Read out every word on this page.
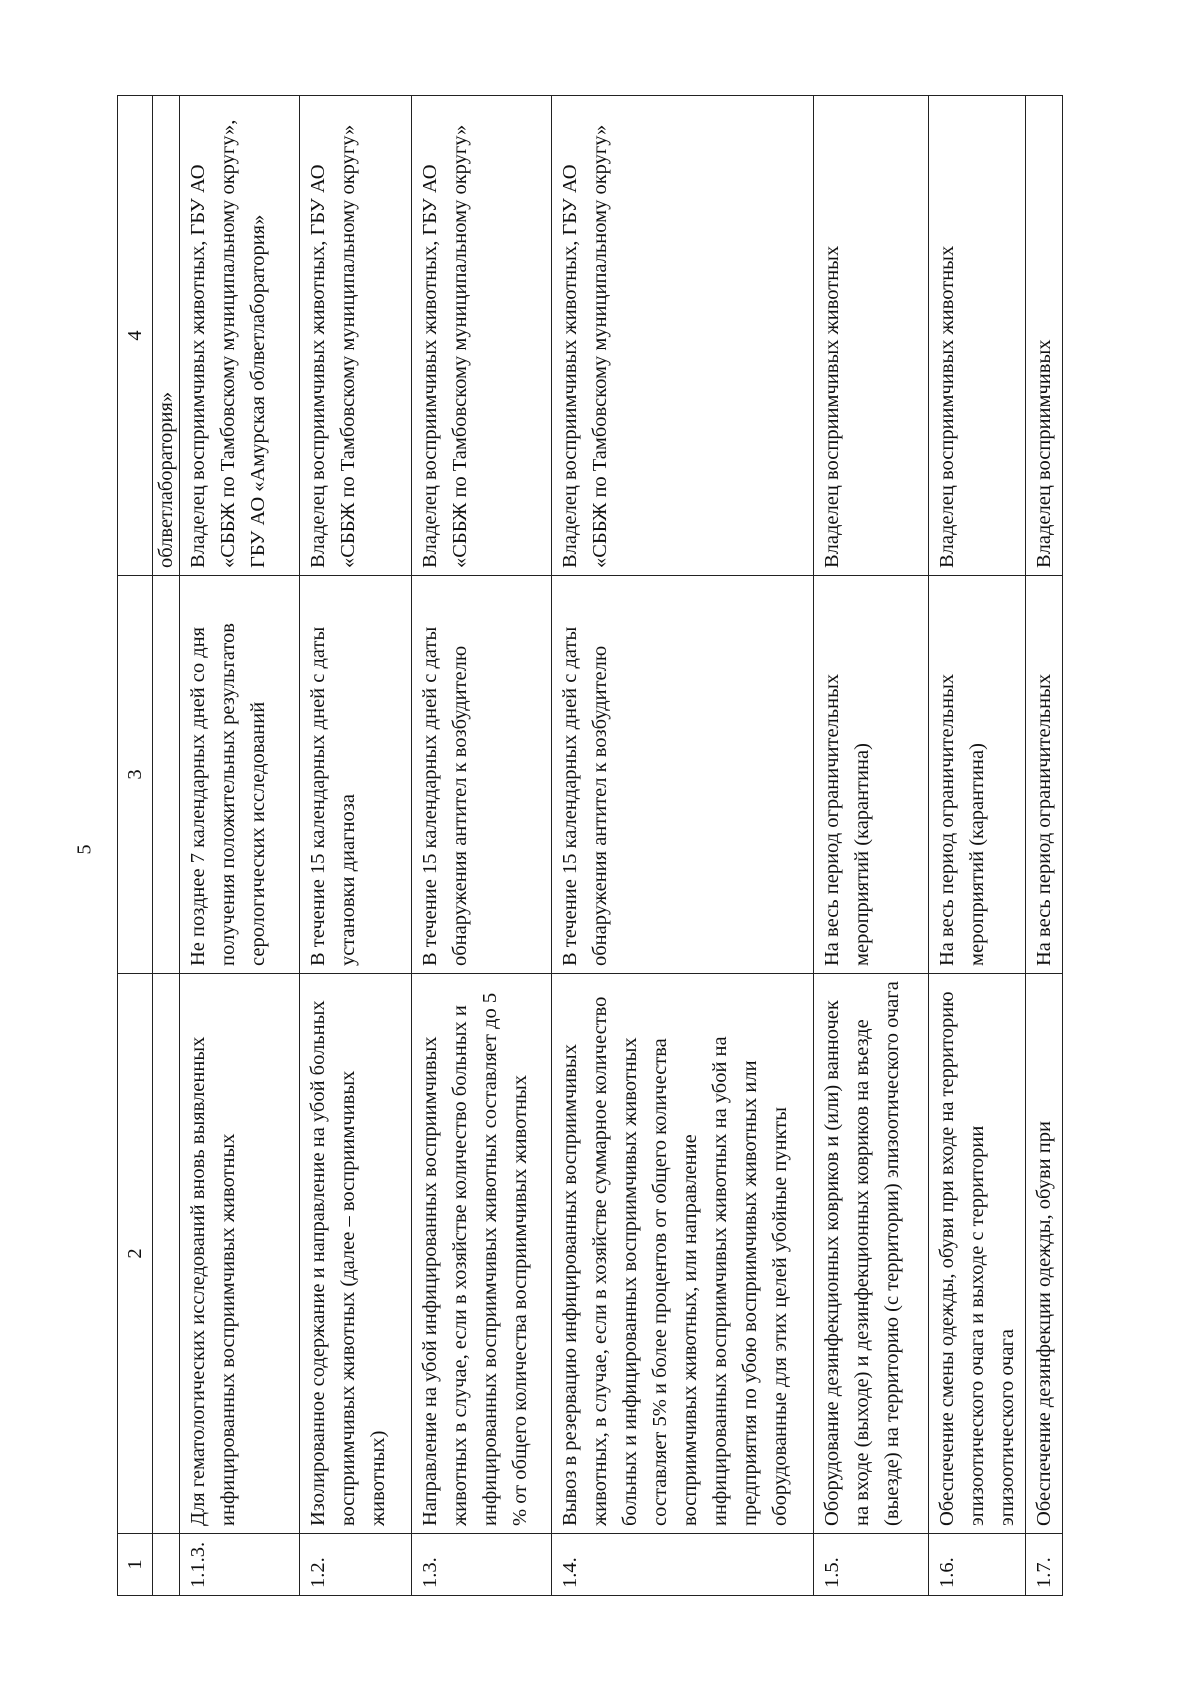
5
1	2	3	4
			облветлаборатория»
1.1.3.	Для гематологических исследований вновь выявленных инфицированных восприимчивых животных	Не позднее 7 календарных дней со дня получения положительных результатов серологических исследований	Владелец восприимчивых животных, ГБУ АО «СББЖ по Тамбовскому муниципальному округу», ГБУ АО «Амурская облветлаборатория»
1.2.	Изолированное содержание и направление на убой больных восприимчивых животных (далее – восприимчивых животных)	В течение 15 календарных дней с даты установки диагноза	Владелец восприимчивых животных, ГБУ АО «СББЖ по Тамбовскому муниципальному округу»
1.3.	Направление на убой инфицированных восприимчивых животных в случае, если в хозяйстве количество больных и инфицированных восприимчивых животных составляет до 5 % от общего количества восприимчивых животных	В течение 15 календарных дней с даты обнаружения антител к возбудителю	Владелец восприимчивых животных, ГБУ АО «СББЖ по Тамбовскому муниципальному округу»
1.4.	Вывоз в резервацию инфицированных восприимчивых животных, в случае, если в хозяйстве суммарное количество больных и инфицированных восприимчивых животных составляет 5% и более процентов от общего количества восприимчивых животных, или направление инфицированных восприимчивых животных на убой на предприятия по убою восприимчивых животных или оборудованные для этих целей убойные пункты	В течение 15 календарных дней с даты обнаружения антител к возбудителю	Владелец восприимчивых животных, ГБУ АО «СББЖ по Тамбовскому муниципальному округу»
1.5.	Оборудование дезинфекционных ковриков и (или) ванночек на входе (выходе) и дезинфекционных ковриков на въезде (выезде) на территорию (с территории) эпизоотического очага	На весь период ограничительных мероприятий (карантина)	Владелец восприимчивых животных
1.6.	Обеспечение смены одежды, обуви при входе на территорию эпизоотического очага и выходе с территории эпизоотического очага	На весь период ограничительных мероприятий (карантина)	Владелец восприимчивых животных
1.7.	Обеспечение дезинфекции одежды, обуви при	На весь период ограничительных	Владелец восприимчивых
